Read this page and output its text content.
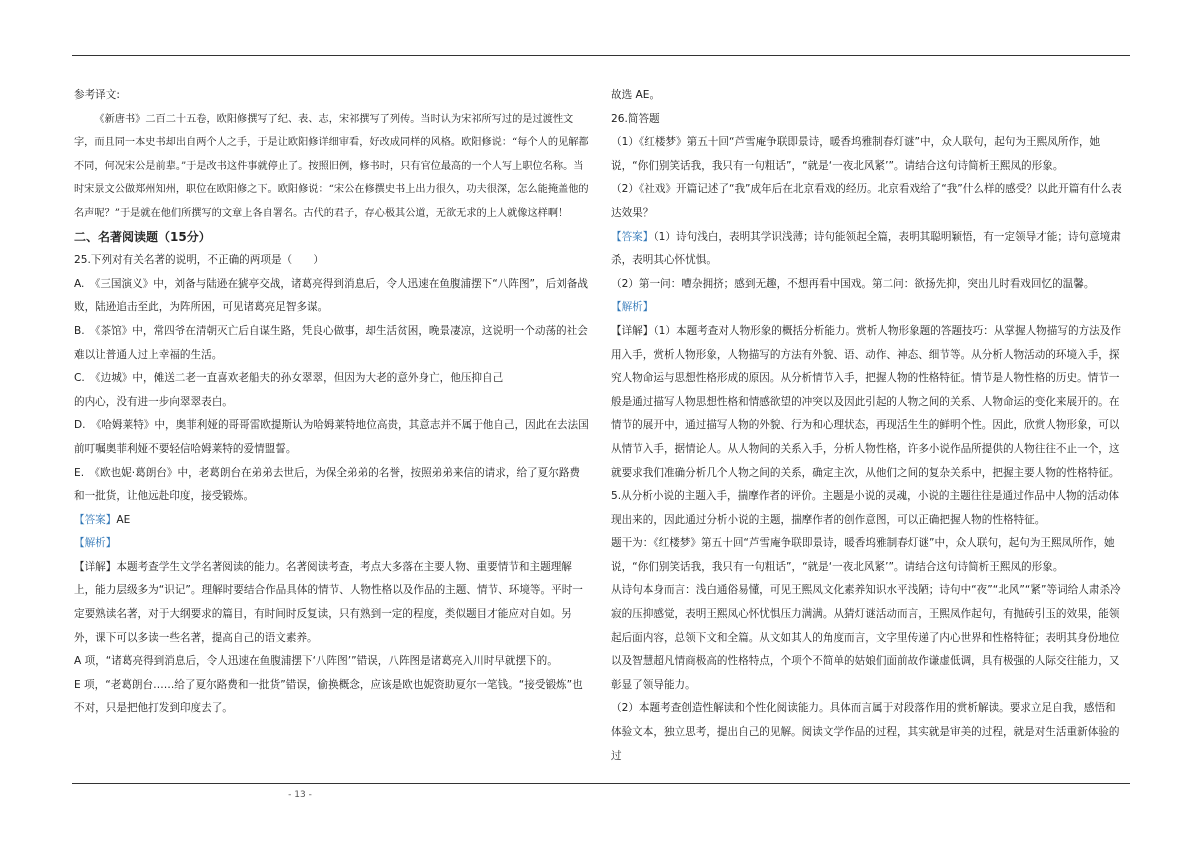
参考译文:

《新唐书》二百二十五卷，欧阳修撰写了纪、表、志，宋祁撰写了列传。当时认为宋祁所写过的是过渡性文字，而且同一本史书却出自两个人之手，于是让欧阳修详细审看，好改成同样的风格。欧阳修说：“每个人的见解都不同，何况宋公是前辈。”于是改书这件事就停止了。按照旧例，修书时，只有官位最高的一个人写上职位名称。当时宋景文公做郑州知州，职位在欧阳修之下。欧阳修说：“宋公在修撰史书上出力很久，功夫很深，怎么能掩盖他的名声呢？”于是就在他们所撰写的文章上各自署名。古代的君子，存心极其公道，无欲无求的上人就像这样啊！

二、名著阅读题（15分）

25.下列对有关名著的说明，不正确的两项是（　　）

A.　《三国演义》中，刘备与陆逊在猇亭交战，诸葛亮得到消息后，令人迅速在鱼腹浦摆下“八阵图”，后刘备战败，陆逊追击至此，为阵所困，可见诸葛亮足智多谋。

B.　《茶馆》中，常四爷在清朝灭亡后自谋生路，凭良心做事，却生活贫困，晚景凄凉，这说明一个动荡的社会难以让普通人过上幸福的生活。

C.　《边城》中，傩送二老一直喜欢老船夫的孙女翠翠，但因为大老的意外身亡，他压抑自己

的内心，没有进一步向翠翠表白。

D.　《哈姆莱特》中，奥菲利娅的哥哥雷欧提斯认为哈姆莱特地位高贵，其意志并不属于他自己，因此在去法国前叮嘱奥菲利娅不要轻信哈姆莱特的爱情盟誓。

E.　《欧也妮·葛朗台》中，老葛朗台在弟弟去世后，为保全弟弟的名誉，按照弟弟来信的请求，给了夏尔路费和一批货，让他远赴印度，接受锻炼。

【答案】AE

【解析】

【详解】本题考查学生文学名著阅读的能力。名著阅读考查，考点大多落在主要人物、重要情节和主题理解上，能力层级多为“识记”。理解时要结合作品具体的情节、人物性格以及作品的主题、情节、环境等。平时一定要熟读名著，对于大纲要求的篇目，有时间时反复读，只有熟到一定的程度，类似题目才能应对自如。另外，课下可以多读一些名著，提高自己的语文素养。

A 项，“诸葛亮得到消息后，令人迅速在鱼腹浦摆下‘八阵图’”错误，八阵图是诸葛亮入川时早就摆下的。

E 项，“老葛朗台……给了夏尔路费和一批货”错误，偷换概念，应该是欧也妮资助夏尔一笔钱。“接受锻炼”也不对，只是把他打发到印度去了。

故选 AE。

26.简答题

（1）《红楼梦》第五十回“芦雪庵争联即景诗，暖香坞雅制春灯谜”中，众人联句，起句为王熙凤所作，她说，“你们别笑话我，我只有一句粗话”，“就是‘一夜北风紧’”。请结合这句诗简析王熙凤的形象。

（2）《社戏》开篇记述了“我”成年后在北京看戏的经历。北京看戏给了“我”什么样的感受？以此开篇有什么表达效果？

【答案】（1）诗句浅白，表明其学识浅薄；诗句能领起全篇，表明其聪明颖悟，有一定领导才能；诗句意境肃杀，表明其心怀忧惧。

（2）第一问：嘈杂拥挤；感到无趣，不想再看中国戏。第二问：欲扬先抑，突出儿时看戏回忆的温馨。

【解析】

【详解】（1）本题考查对人物形象的概括分析能力。赏析人物形象题的答题技巧：从掌握人物描写的方法及作用入手，赏析人物形象，人物描写的方法有外貌、语、动作、神态、细节等。从分析人物活动的环境入手，探究人物命运与思想性格形成的原因。从分析情节入手，把握人物的性格特征。情节是人物性格的历史。情节一般是通过描写人物思想性格和情感欲望的冲突以及因此引起的人物之间的关系、人物命运的变化来展开的。在情节的展开中，通过描写人物的外貌、行为和心理状态，再现活生生的鲜明个性。因此，欣赏人物形象，可以从情节入手，据情论人。从人物间的关系入手，分析人物性格，许多小说作品所提供的人物往往不止一个，这就要求我们准确分析几个人物之间的关系，确定主次，从他们之间的复杂关系中，把握主要人物的性格特征。5.从分析小说的主题入手，揣摩作者的评价。主题是小说的灵魂，小说的主题往往是通过作品中人物的活动体现出来的，因此通过分析小说的主题，揣摩作者的创作意图，可以正确把握人物的性格特征。

题干为：《红楼梦》第五十回“芦雪庵争联即景诗，暖香坞雅制春灯谜”中，众人联句，起句为王熙凤所作，她说，“你们别笑话我，我只有一句粗话”，“就是‘一夜北风紧’”。请结合这句诗简析王熙凤的形象。

从诗句本身而言：浅白通俗易懂，可见王熙凤文化素养知识水平浅陋；诗句中“夜”“北风”“紧”等词给人肃杀冷寂的压抑感觉，表明王熙凤心怀忧惧压力满满。从猜灯谜活动而言，王熙凤作起句，有抛砖引玉的效果，能领起后面内容，总领下文和全篇。从文如其人的角度而言，文字里传递了内心世界和性格特征；表明其身份地位以及智慧超凡情商极高的性格特点，个项个不简单的姑娘们面前故作谦虚低调，具有极强的人际交往能力，又彰显了领导能力。

（2）本题考查创造性解读和个性化阅读能力。具体而言属于对段落作用的赏析解读。要求立足自我，感悟和体验文本，独立思考，提出自己的见解。阅读文学作品的过程，其实就是审美的过程，就是对生活重新体验的过

- 13 -
